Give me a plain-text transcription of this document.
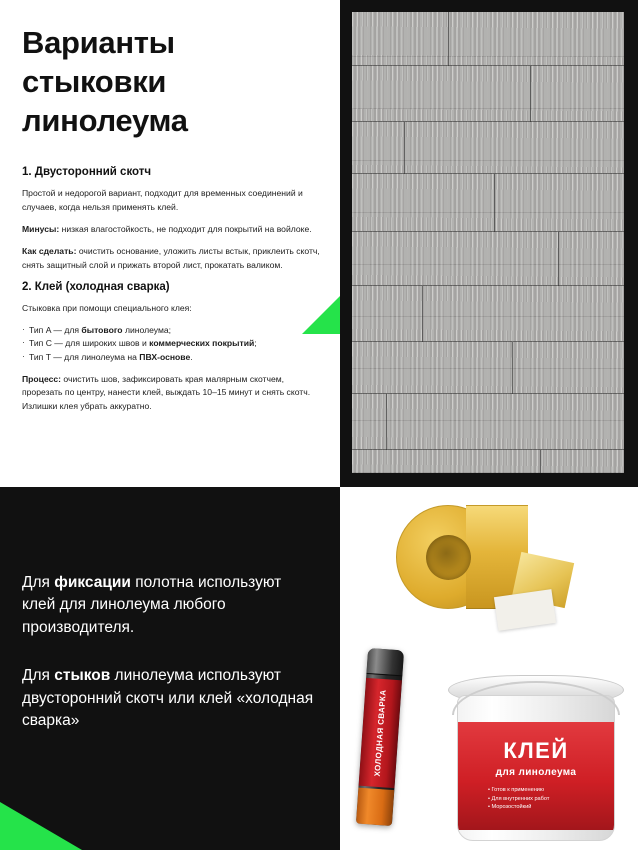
Варианты
стыковки
линолеума
1. Двусторонний скотч

Простой и недорогой вариант, подходит для временных соединений и случаев, когда нельзя применять клей.

Минусы: низкая влагостойкость, не подходит для покрытий на войлоке.

Как сделать: очистить основание, уложить листы встык, приклеить скотч, снять защитный слой и прижать второй лист, прокатать валиком.

2. Клей (холодная сварка)

Стыковка при помощи специального клея:

· Тип A — для бытового линолеума;
· Тип C — для широких швов и коммерческих покрытий;
· Тип T — для линолеума на ПВХ-основе.

Процесс: очистить шов, зафиксировать края малярным скотчем, прорезать по центру, нанести клей, выждать 10–15 минут и снять скотч. Излишки клея убрать аккуратно.

Для фиксации полотна используют клей для линолеума любого производителя.

Для стыков линолеума используют двусторонний скотч или клей «холодная сварка»	ХОЛОДНАЯ СВАРКА	КЛЕЙ
для линолеума
• Готов к применению
• Для внутренних работ
• Морозостойкий
